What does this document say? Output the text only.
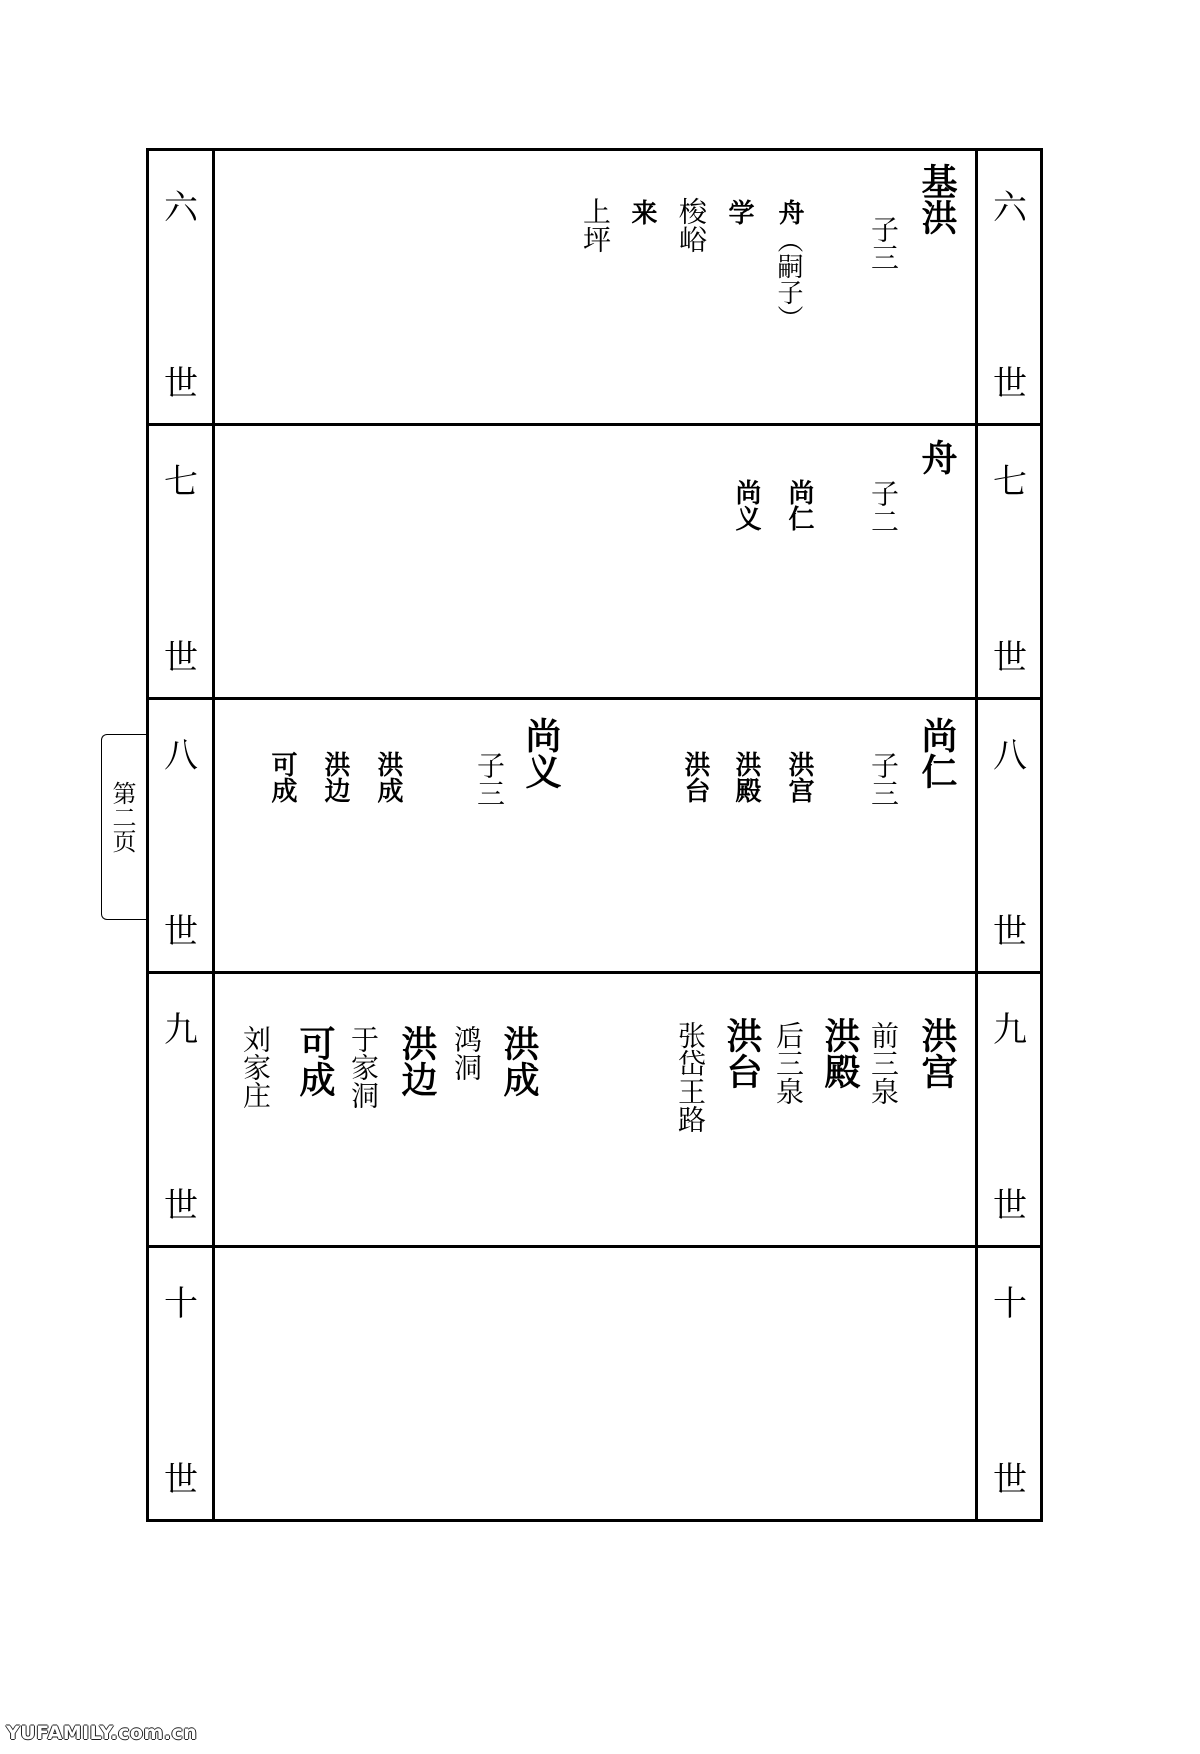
第二页
六
世
七
世
八
世
九
世
十
世
六
世
七
世
八
世
九
世
十
世
基洪
子三
舟
（嗣子）
学
梭峪
来
上坪
舟
子二
尚仁
尚义
尚仁
子三
洪宫
洪殿
洪台
尚义
子三
洪成
洪边
可成
洪宫
前三泉
洪殿
后三泉
洪台
张岱王路
洪成
鸿洞
洪边
于家洞
可成
刘家庄
YUFAMILY.com.cn
